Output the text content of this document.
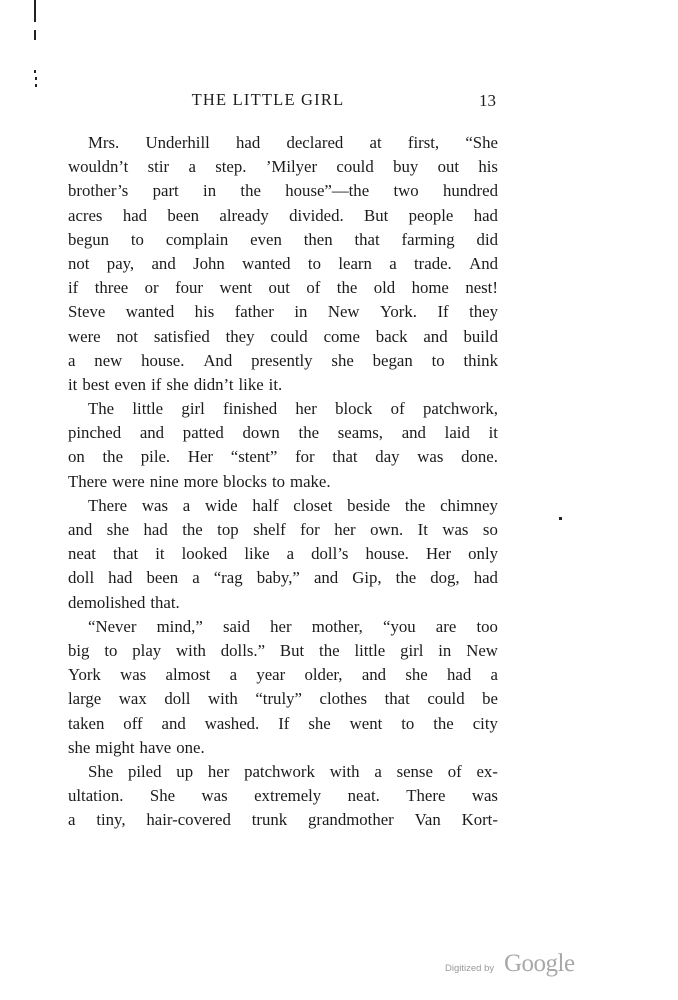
THE LITTLE GIRL	13
Mrs. Underhill had declared at first, “She
wouldn’t stir a step. ’Milyer could buy out his
brother’s part in the house”—the two hundred
acres had been already divided. But people had
begun to complain even then that farming did
not pay, and John wanted to learn a trade. And
if three or four went out of the old home nest!
Steve wanted his father in New York. If they
were not satisfied they could come back and build
a new house. And presently she began to think
it best even if she didn’t like it.
The little girl finished her block of patchwork,
pinched and patted down the seams, and laid it
on the pile. Her “stent” for that day was done.
There were nine more blocks to make.
There was a wide half closet beside the chimney
and she had the top shelf for her own. It was so
neat that it looked like a doll’s house. Her only
doll had been a “rag baby,” and Gip, the dog, had
demolished that.
“Never mind,” said her mother, “you are too
big to play with dolls.” But the little girl in New
York was almost a year older, and she had a
large wax doll with “truly” clothes that could be
taken off and washed. If she went to the city
she might have one.
She piled up her patchwork with a sense of ex-
ultation. She was extremely neat. There was
a tiny, hair-covered trunk grandmother Van Kort-
Digitized by Google
